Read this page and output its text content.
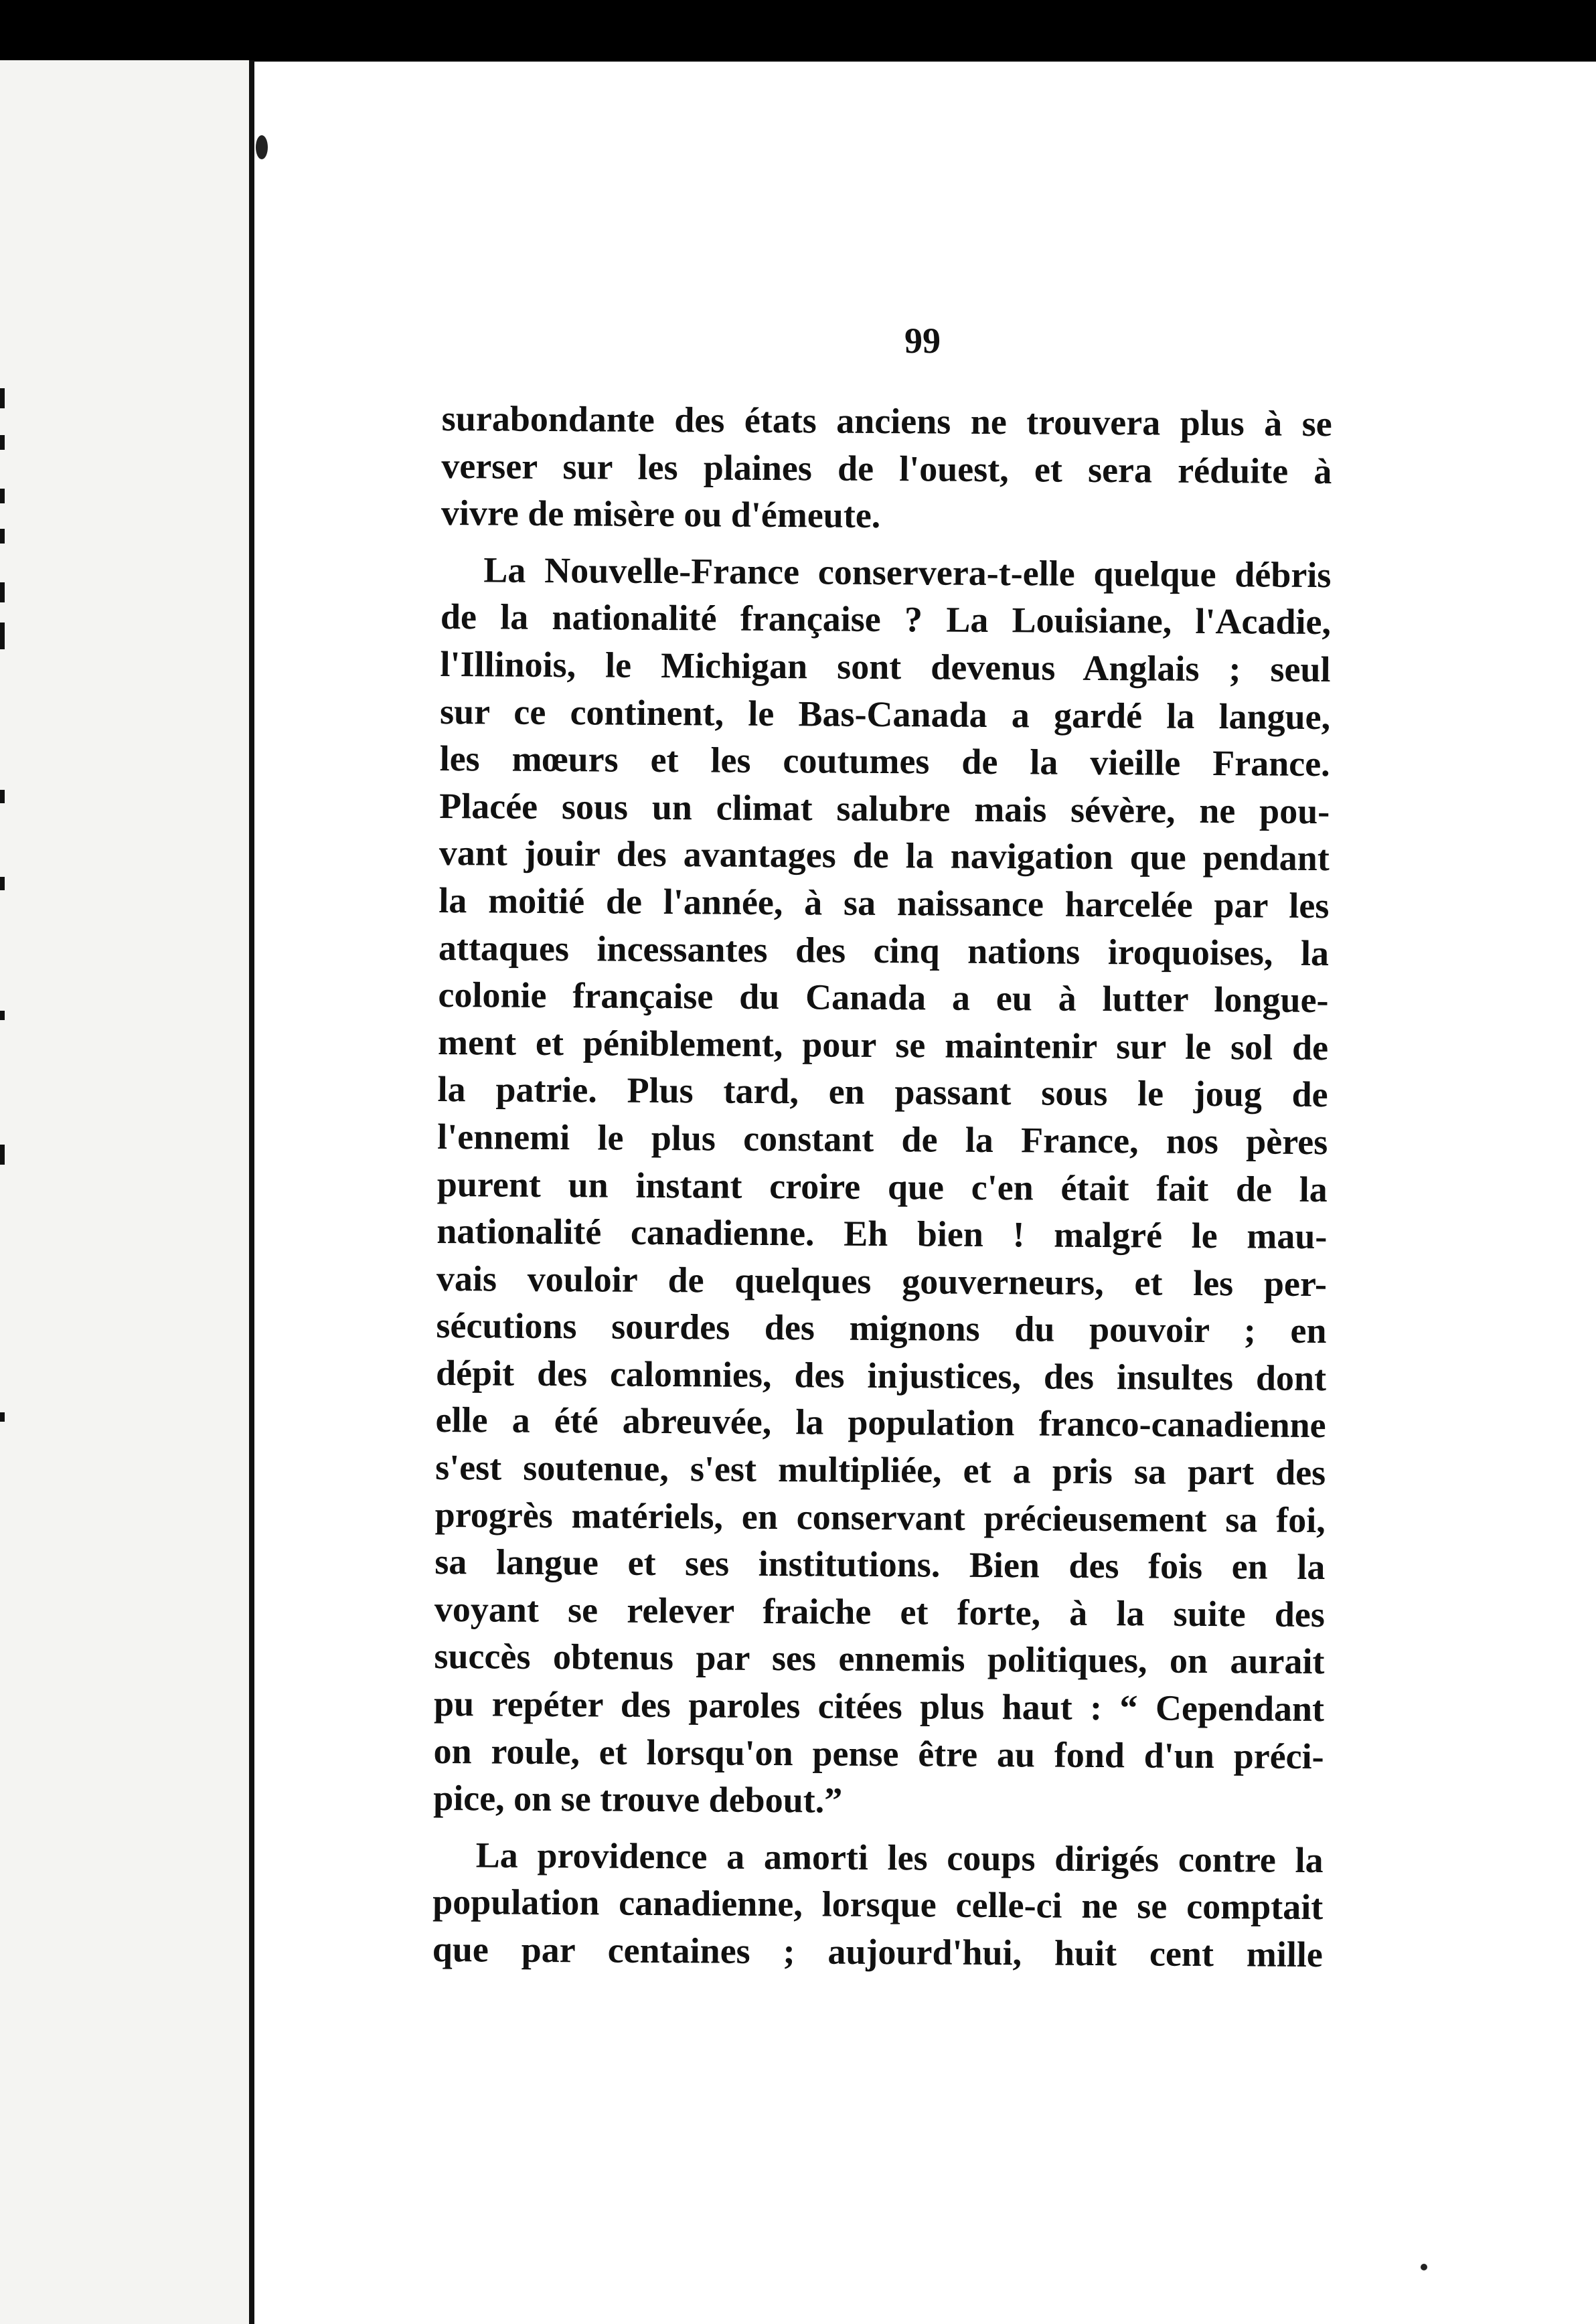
99
surabondante des états anciens ne trouvera plus à se
verser sur les plaines de l'ouest, et sera réduite à
vivre de misère ou d'émeute.
La Nouvelle-France conservera-t-elle quelque débris
de la nationalité française ? La Louisiane, l'Acadie,
l'Illinois, le Michigan sont devenus Anglais ; seul
sur ce continent, le Bas-Canada a gardé la langue,
les mœurs et les coutumes de la vieille France.
Placée sous un climat salubre mais sévère, ne pou-
vant jouir des avantages de la navigation que pendant
la moitié de l'année, à sa naissance harcelée par les
attaques incessantes des cinq nations iroquoises, la
colonie française du Canada a eu à lutter longue-
ment et péniblement, pour se maintenir sur le sol de
la patrie. Plus tard, en passant sous le joug de
l'ennemi le plus constant de la France, nos pères
purent un instant croire que c'en était fait de la
nationalité canadienne. Eh bien ! malgré le mau-
vais vouloir de quelques gouverneurs, et les per-
sécutions sourdes des mignons du pouvoir ; en
dépit des calomnies, des injustices, des insultes dont
elle a été abreuvée, la population franco-canadienne
s'est soutenue, s'est multipliée, et a pris sa part des
progrès matériels, en conservant précieusement sa foi,
sa langue et ses institutions. Bien des fois en la
voyant se relever fraiche et forte, à la suite des
succès obtenus par ses ennemis politiques, on aurait
pu repéter des paroles citées plus haut : “ Cependant
on roule, et lorsqu'on pense être au fond d'un préci-
pice, on se trouve debout.”
La providence a amorti les coups dirigés contre la
population canadienne, lorsque celle-ci ne se comptait
que par centaines ; aujourd'hui, huit cent mille
